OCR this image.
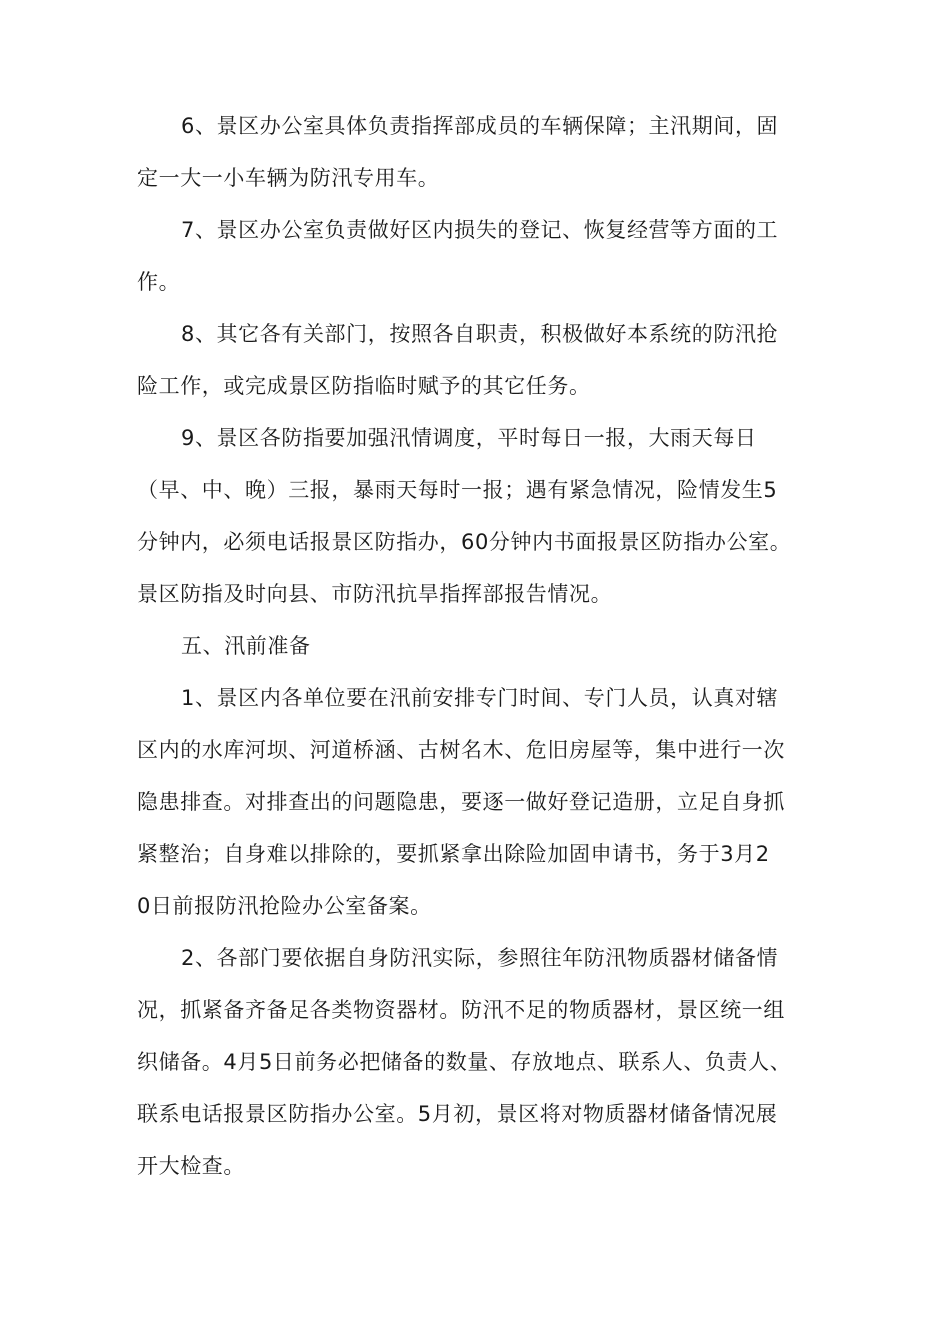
6、景区办公室具体负责指挥部成员的车辆保障；主汛期间，固
定一大一小车辆为防汛专用车。
7、景区办公室负责做好区内损失的登记、恢复经营等方面的工
作。
8、其它各有关部门，按照各自职责，积极做好本系统的防汛抢
险工作，或完成景区防指临时赋予的其它任务。
9、景区各防指要加强汛情调度，平时每日一报，大雨天每日
（早、中、晚）三报，暴雨天每时一报；遇有紧急情况，险情发生5
分钟内，必须电话报景区防指办，60分钟内书面报景区防指办公室。
景区防指及时向县、市防汛抗旱指挥部报告情况。
五、汛前准备
1、景区内各单位要在汛前安排专门时间、专门人员，认真对辖
区内的水库河坝、河道桥涵、古树名木、危旧房屋等，集中进行一次
隐患排查。对排查出的问题隐患，要逐一做好登记造册，立足自身抓
紧整治；自身难以排除的，要抓紧拿出除险加固申请书，务于3月2
0日前报防汛抢险办公室备案。
2、各部门要依据自身防汛实际，参照往年防汛物质器材储备情
况，抓紧备齐备足各类物资器材。防汛不足的物质器材，景区统一组
织储备。4月5日前务必把储备的数量、存放地点、联系人、负责人、
联系电话报景区防指办公室。5月初，景区将对物质器材储备情况展
开大检查。
